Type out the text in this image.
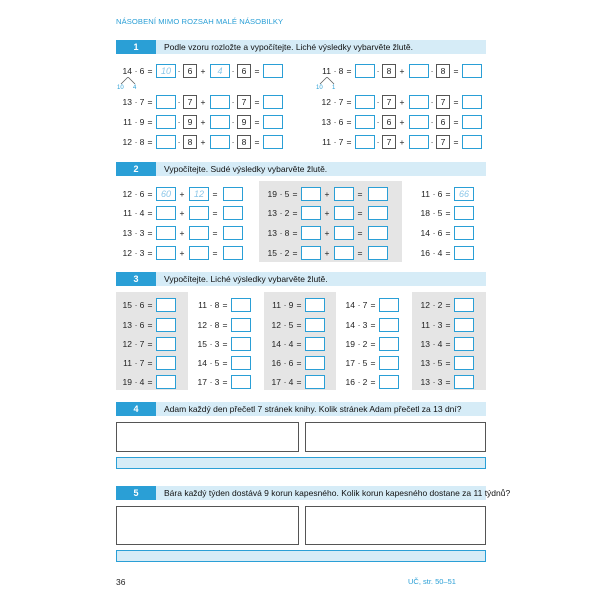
NÁSOBENÍ MIMO ROZSAH MALÉ NÁSOBILKY
1	Podle vzoru rozložte a vypočítejte. Liché výsledky vybarvěte žlutě.
14 · 6 = 10 · 6 +	4	· 6 =
13 · 7 =	· 7 +	· 7 =
11 · 9 =	· 9 +	· 9 =
12 · 8 =	· 8 +	· 8 =
11 · 8 =	· 8 +	· 8 =
12 · 7 =	· 7 +	· 7 =
13 · 6 =	· 6 +	· 6 =
11 · 7 =	· 7 +	· 7 =
10 4	10 1
2	Vypočítejte. Sudé výsledky vybarvěte žlutě.
12 · 6 = 60	+	12	=
11 · 4 =	+	=
13 · 3 =	+	=
12 · 3 =	+	=
19 · 5 =	+	=
13 · 2 =	+	=
13 · 8 =	+	=
15 · 2 =	+	=
11 · 6 = 66
18 · 5 =
14 · 6 =
16 · 4 =
3	Vypočítejte. Liché výsledky vybarvěte žlutě.
15 · 6 =
13 · 6 =
12 · 7 =
11 · 7 =
19 · 4 =
11 · 8 =
12 · 8 =
15 · 3 =
14 · 5 =
17 · 3 =
11 · 9 =
12 · 5 =
14 · 4 =
16 · 6 =
17 · 4 =
14 · 7 =
14 · 3 =
19 · 2 =
17 · 5 =
16 · 2 =
12 · 2 =
11 · 3 =
13 · 4 =
13 · 5 =
13 · 3 =
4	Adam každý den přečetl 7 stránek knihy. Kolik stránek Adam přečetl za 13 dní?
5	Bára každý týden dostává 9 korun kapesného. Kolik korun kapesného dostane za 11 týdnů?
36	UČ, str. 50–51
